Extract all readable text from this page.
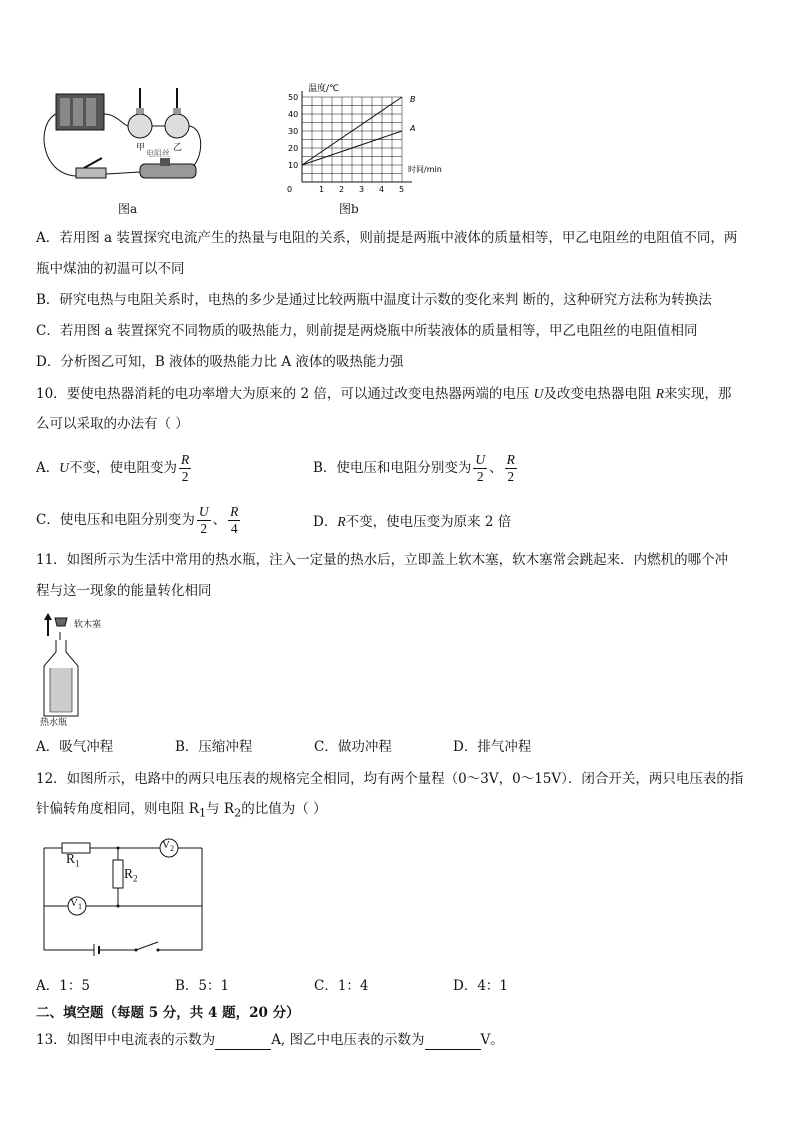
甲	乙
电阻丝
图a
温度/℃
时间/min
B
A
0	1 2 3 4 5
50
40
30
20
10
图b
A．若用图 a 装置探究电流产生的热量与电阻的关系，则前提是两瓶中液体的质量相等，甲乙电阻丝的电阻值不同，两
瓶中煤油的初温可以不同
B．研究电热与电阻关系时，电热的多少是通过比较两瓶中温度计示数的变化来判 断的，这种研究方法称为转换法
C．若用图 a 装置探究不同物质的吸热能力，则前提是两烧瓶中所装液体的质量相等，甲乙电阻丝的电阻值相同
D．分析图乙可知，B 液体的吸热能力比 A 液体的吸热能力强
10．要使电热器消耗的电功率增大为原来的 2 倍，可以通过改变电热器两端的电压 U及改变电热器电阻 R来实现，那
么可以采取的办法有（ ）
A．U不变，使电阻变为 $\frac{R}{2}$	B．使电压和电阻分别变为 $\frac{U}{2}$ 、 $\frac{R}{2}$
C．使电压和电阻分别变为 $\frac{U}{2}$ 、 $\frac{R}{4}$	D．R不变，使电压变为原来 2 倍
11．如图所示为生活中常用的热水瓶，注入一定量的热水后，立即盖上软木塞，软木塞常会跳起来．内燃机的哪个冲
程与这一现象的能量转化相同
软木塞
热水瓶
A．吸气冲程	B．压缩冲程	C．做功冲程	D．排气冲程
12．如图所示，电路中的两只电压表的规格完全相同，均有两个量程（0～3V，0～15V）．闭合开关，两只电压表的指
针偏转角度相同，则电阻 $R_1$与 $R_2$的比值为（ ）
$R_1$
$R_2$
$V_2$
$V_1$
A．1：5	B．5：1	C．1：4	D．4：1
二、填空题（每题 5 分，共 4 题，20 分）
13．如图甲中电流表的示数为	A, 图乙中电压表的示数为	V。
